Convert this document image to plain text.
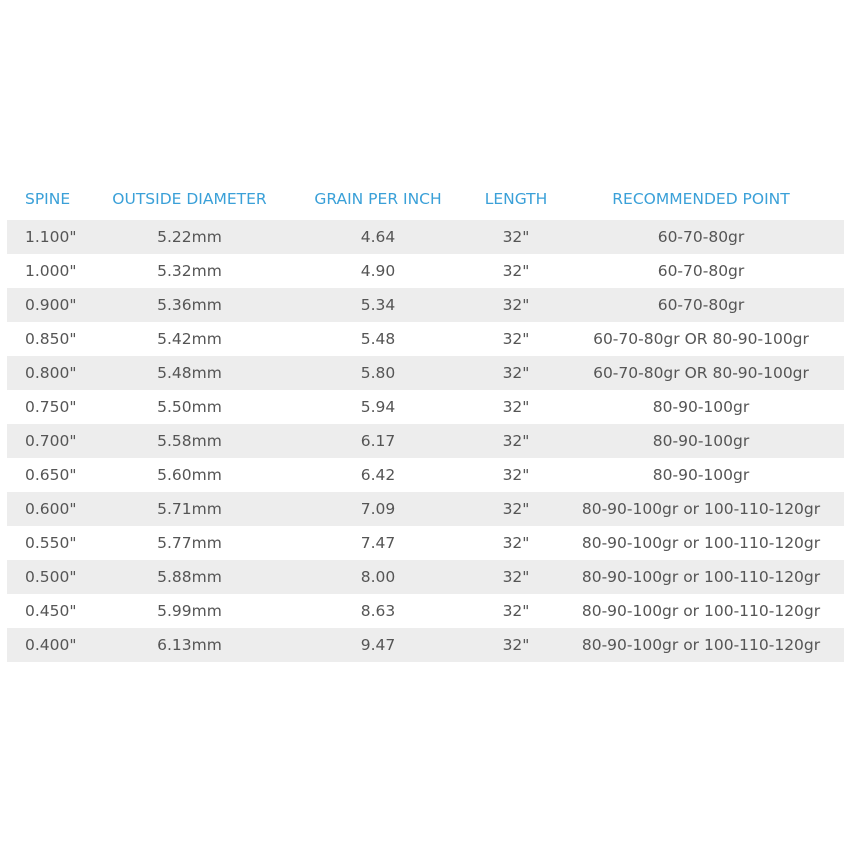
SPINE	OUTSIDE DIAMETER	GRAIN PER INCH	LENGTH	RECOMMENDED POINT
1.100"	5.22mm	4.64	32"	60-70-80gr
1.000"	5.32mm	4.90	32"	60-70-80gr
0.900"	5.36mm	5.34	32"	60-70-80gr
0.850"	5.42mm	5.48	32"	60-70-80gr OR 80-90-100gr
0.800"	5.48mm	5.80	32"	60-70-80gr OR 80-90-100gr
0.750"	5.50mm	5.94	32"	80-90-100gr
0.700"	5.58mm	6.17	32"	80-90-100gr
0.650"	5.60mm	6.42	32"	80-90-100gr
0.600"	5.71mm	7.09	32"	80-90-100gr or 100-110-120gr
0.550"	5.77mm	7.47	32"	80-90-100gr or 100-110-120gr
0.500"	5.88mm	8.00	32"	80-90-100gr or 100-110-120gr
0.450"	5.99mm	8.63	32"	80-90-100gr or 100-110-120gr
0.400"	6.13mm	9.47	32"	80-90-100gr or 100-110-120gr
